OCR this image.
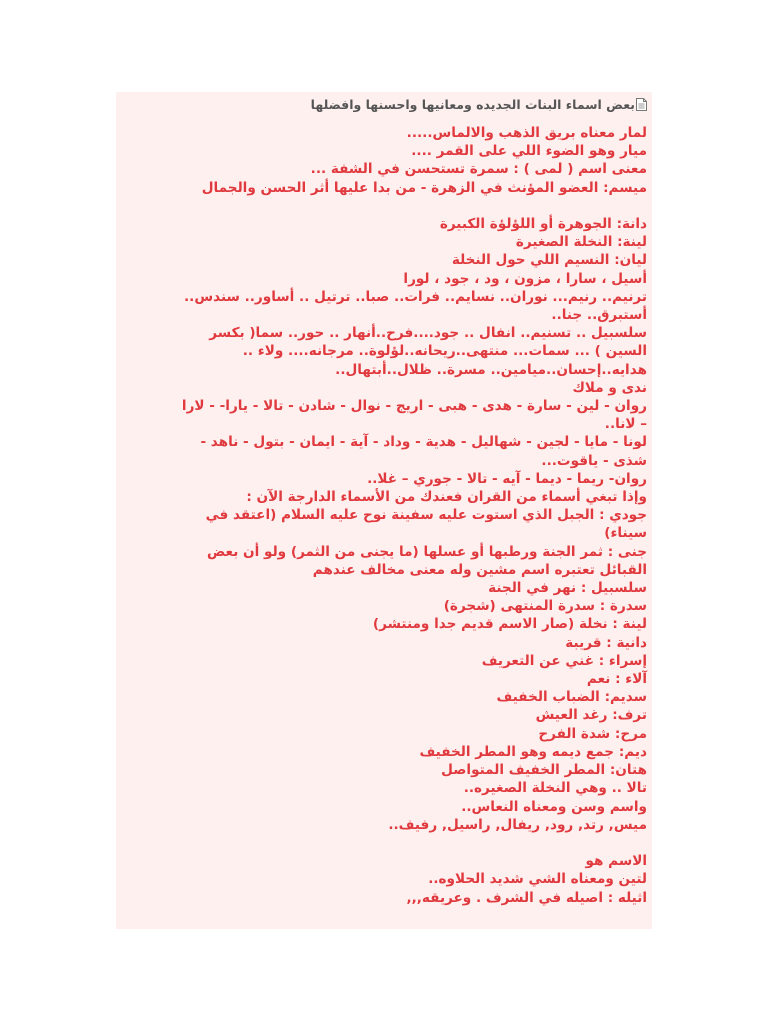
بعض اسماء البنات الجديده ومعانيها واحسنها وافضلها
لمار معناه بريق الذهب والالماس.....
ميار وهو الضوء اللي على القمر ....
معنى اسم ( لمى ) : سمرة تستحسن في الشفة ...
ميسم: العضو المؤنث في الزهرة - من بدا عليها أثر الحسن والجمال
دانة: الجوهرة أو اللؤلؤة الكبيرة
لينة: النخلة الصغيرة
ليان: النسيم اللي حول النخلة
أسيل ، سارا ، مزون ، ود ، جود ، لورا
ترنيم.. رنيم... نوران.. نسايم.. فرات.. صبا.. ترتيل .. أساور.. سندس..
أستبرق.. جنا..
سلسبيل .. تسنيم.. انفال .. جود....فرح..أنهار .. حور.. سما( بكسر
السين ) ... سمات... منتهى..ريحانه..لؤلوة.. مرجانه.... ولاء ..
هدايه..إحسان..ميامين.. مسرة.. ظلال..أبتهال..
ندى و ملاك
روان - لين - سارة - هدى - هبى - اريج - نوال - شادن - تالا - يارا- - لارا
– لانا..
لونا - مايا - لجين - شهاليل - هدية - وداد - آية - ايمان - بتول - ناهد -
شذى - ياقوت...
روان- ريما - ديما - آيه - تالا - جوري – غلا..
وإذا تبغي أسماء من القران فعندك من الأسماء الدارجة الآن :
جودي : الجبل الذي استوت عليه سفينة نوح عليه السلام (اعتقد في
سيناء)
جنى : ثمر الجنة ورطبها أو عسلها (ما يجنى من الثمر) ولو أن بعض
القبائل تعتبره اسم مشين وله معنى مخالف عندهم
سلسبيل : نهر في الجنة
سدرة : سدرة المنتهى (شجرة)
لينة : نخلة (صار الاسم قديم جدا ومنتشر)
دانية : قريبة
إسراء : غني عن التعريف
آلاء : نعم
سديم: الضباب الخفيف
ترف: رغد العيش
مرح: شدة الفرح
ديم: جمع ديمه وهو المطر الخفيف
هتان: المطر الخفيف المتواصل
تالا .. وهي النخلة الصغيره..
واسم وسن ومعناه النعاس..
ميس, رتد, رود, ريفال, راسيل, رفيف..
الاسم هو
لتين ومعناه الشي شديد الحلاوه..
اثيله : اصيله في الشرف . وعريقه,,,
